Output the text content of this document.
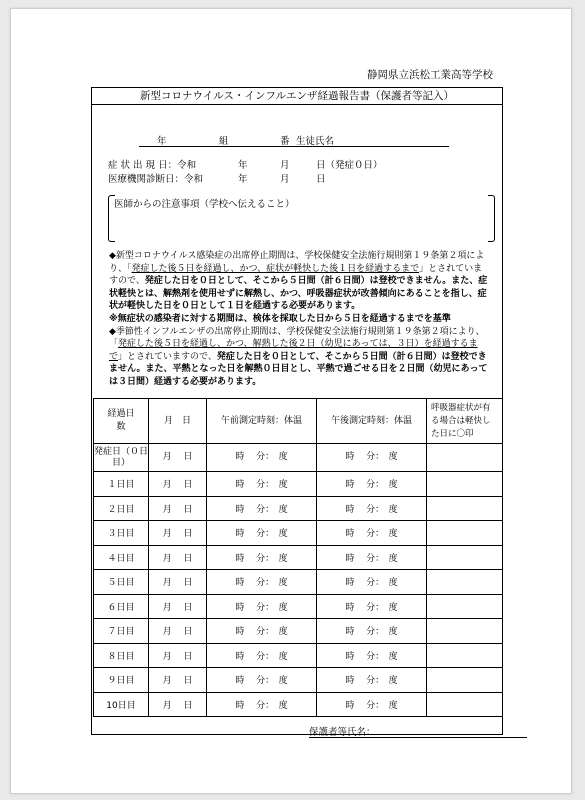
静岡県立浜松工業高等学校
新型コロナウイルス・インフルエンザ経過報告書（保護者等記入）
年	組	番 生徒氏名
症 状 出 現 日：令和	年	月	日（発症０日）
医療機関診断日：令和	年	月	日
医師からの注意事項（学校へ伝えること）

◆新型コロナウイルス感染症の出席停止期間は、学校保健安全法施行規則第１９条第２項により、「発症した後５日を経過し、かつ、症状が軽快した後１日を経過するまで」とされていますので、発症した日を０日として、そこから５日間（計６日間）は登校できません。また、症状軽快とは、解熱剤を使用せずに解熱し、かつ、呼吸器症状が改善傾向にあることを指し、症状が軽快した日を０日として１日を経過する必要があります。

※無症状の感染者に対する期間は、検体を採取した日から５日を経過するまでを基準

◆季節性インフルエンザの出席停止期間は、学校保健安全法施行規則第１９条第２項により、「発症した後５日を経過し、かつ、解熱した後２日（幼児にあっては、３日）を経過するまで」とされていますので、発症した日を０日として、そこから５日間（計６日間）は登校できません。また、平熱となった日を解熱０日目とし、平熱で過ごせる日を２日間（幼児にあっては３日間）経過する必要があります。

経過日数	月　日	午前測定時刻：体温	午後測定時刻：体温	呼吸器症状が有る場合は軽快した日に〇印
発症日（０日目）	月　 日	時　 分：　度	時　 分：　度	
１日目	月　 日	時　 分：　度	時　 分：　度	
２日目	月　 日	時　 分：　度	時　 分：　度	
３日目	月　 日	時　 分：　度	時　 分：　度	
４日目	月　 日	時　 分：　度	時　 分：　度	
５日目	月　 日	時　 分：　度	時　 分：　度	
６日目	月　 日	時　 分：　度	時　 分：　度	
７日目	月　 日	時　 分：　度	時　 分：　度	
８日目	月　 日	時　 分：　度	時　 分：　度	
９日目	月　 日	時　 分：　度	時　 分：　度	
10日目	月　 日	時　 分：　度	時　 分：　度	
保護者等氏名：
